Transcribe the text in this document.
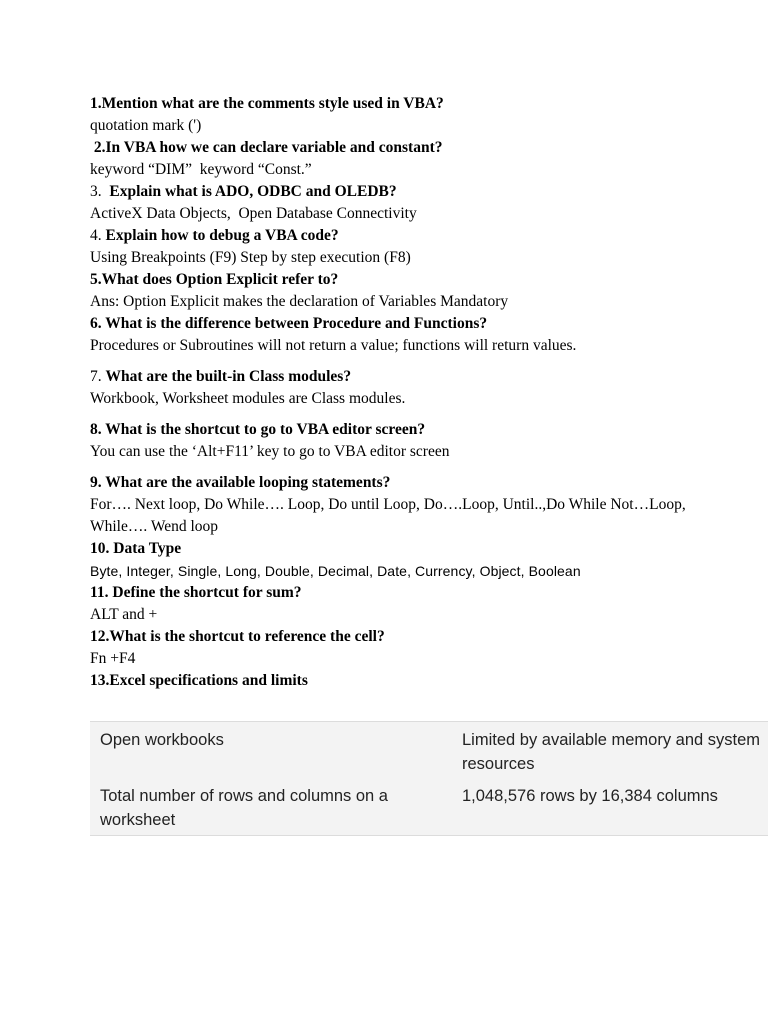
1.Mention what are the comments style used in VBA?
quotation mark (')
2.In VBA how we can declare variable and constant?
keyword “DIM”  keyword “Const.”
3.  Explain what is ADO, ODBC and OLEDB?
ActiveX Data Objects,  Open Database Connectivity
4. Explain how to debug a VBA code?
Using Breakpoints (F9) Step by step execution (F8)
5.What does Option Explicit refer to?
Ans: Option Explicit makes the declaration of Variables Mandatory
6. What is the difference between Procedure and Functions?
Procedures or Subroutines will not return a value; functions will return values.
7. What are the built-in Class modules?
Workbook, Worksheet modules are Class modules.
8. What is the shortcut to go to VBA editor screen?
You can use the ‘Alt+F11’ key to go to VBA editor screen
9. What are the available looping statements?
For…. Next loop, Do While…. Loop, Do until Loop, Do….Loop, Until..,Do While Not…Loop, While…. Wend loop
10. Data Type
Byte, Integer, Single, Long, Double, Decimal, Date, Currency, Object, Boolean
11. Define the shortcut for sum?
ALT and +
12.What is the shortcut to reference the cell?
Fn +F4
13.Excel specifications and limits
Open workbooks	Limited by available memory and system resources
Total number of rows and columns on a worksheet
1,048,576 rows by 16,384 columns
